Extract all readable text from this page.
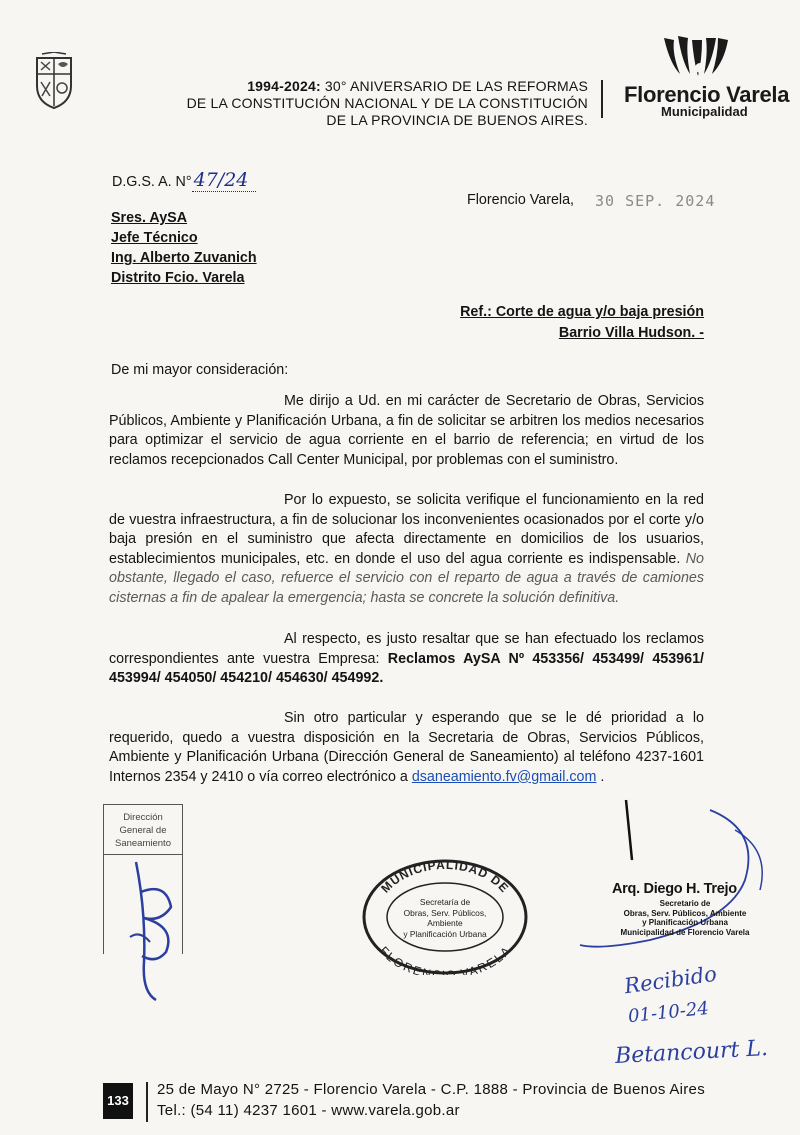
1994-2024: 30° ANIVERSARIO DE LAS REFORMAS
DE LA CONSTITUCIÓN NACIONAL Y DE LA CONSTITUCIÓN
DE LA PROVINCIA DE BUENOS AIRES.
Florencio Varela
Municipalidad
D.G.S. A. N° 47/24
Florencio Varela, 30 SEP. 2024
Sres. AySA
Jefe Técnico
Ing. Alberto Zuvanich
Distrito Fcio. Varela
Ref.: Corte de agua y/o baja presión
Barrio Villa Hudson. -
De mi mayor consideración:
Me dirijo a Ud. en mi carácter de Secretario de Obras, Servicios Públicos, Ambiente y Planificación Urbana, a fin de solicitar se arbitren los medios necesarios para optimizar el servicio de agua corriente en el barrio de referencia; en virtud de los reclamos recepcionados Call Center Municipal, por problemas con el suministro.
Por lo expuesto, se solicita verifique el funcionamiento en la red de vuestra infraestructura, a fin de solucionar los inconvenientes ocasionados por el corte y/o baja presión en el suministro que afecta directamente en domicilios de los usuarios, establecimientos municipales, etc. en donde el uso del agua corriente es indispensable. No obstante, llegado el caso, refuerce el servicio con el reparto de agua a través de camiones cisternas a fin de apalear la emergencia; hasta se concrete la solución definitiva.
Al respecto, es justo resaltar que se han efectuado los reclamos correspondientes ante vuestra Empresa: Reclamos AySA Nº 453356/ 453499/ 453961/ 453994/ 454050/ 454210/ 454630/ 454992.
Sin otro particular y esperando que se le dé prioridad a lo requerido, quedo a vuestra disposición en la Secretaria de Obras, Servicios Públicos, Ambiente y Planificación Urbana (Dirección General de Saneamiento) al teléfono 4237-1601 Internos 2354 y 2410 o vía correo electrónico a dsaneamiento.fv@gmail.com .
Dirección
General de
Saneamiento
MUNICIPALIDAD DE
FLORENCIO VARELA
Secretaría de
Obras, Serv. Públicos, Ambiente
y Planificación Urbana
Arq. Diego H. Trejo
Secretario de
Obras, Serv. Públicos, Ambiente
y Planificación Urbana
Municipalidad de Florencio Varela
Recibido
01-10-24
Betancourt L.
133
25 de Mayo N° 2725 - Florencio Varela - C.P. 1888 - Provincia de Buenos Aires
Tel.: (54 11) 4237 1601 - www.varela.gob.ar
